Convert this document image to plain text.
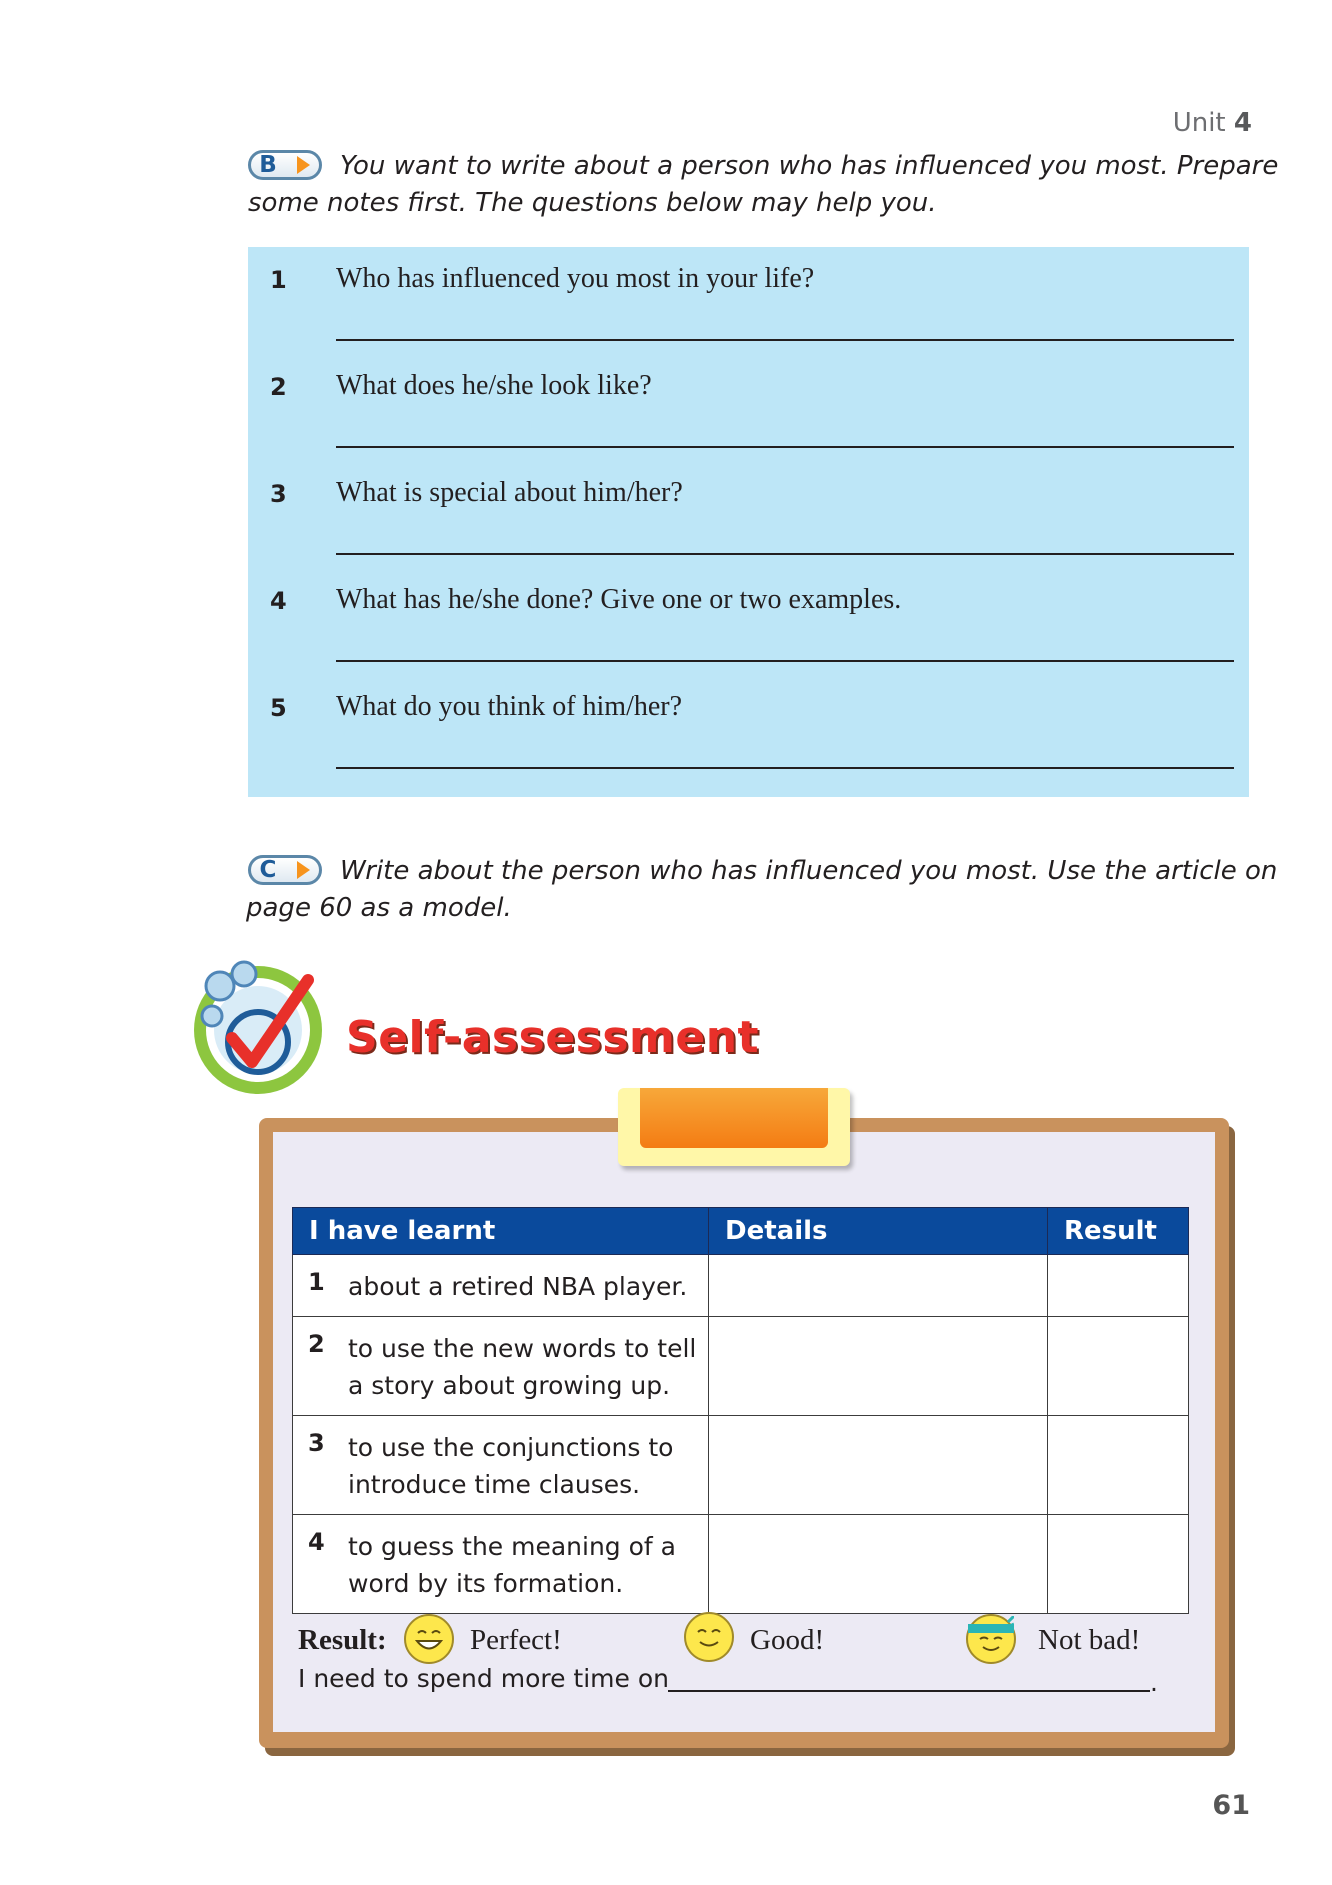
Unit 4
B	You want to write about a person who has influenced you most. Prepare
some notes first. The questions below may help you.
1 Who has influenced you most in your life?
2 What does he/she look like?
3 What is special about him/her?
4 What has he/she done? Give one or two examples.
5 What do you think of him/her?
C	Write about the person who has influenced you most. Use the article on
page 60 as a model.
Self-assessment
I have learnt	Details	Result

1 about a retired NBA player.		

2 to use the new words to tell
a story about growing up.		

3 to use the conjunctions to
introduce time clauses.		

4 to guess the meaning of a
word by its formation.		

Result:	Perfect!	Good!	Not bad!
I need to spend more time on	.
61
